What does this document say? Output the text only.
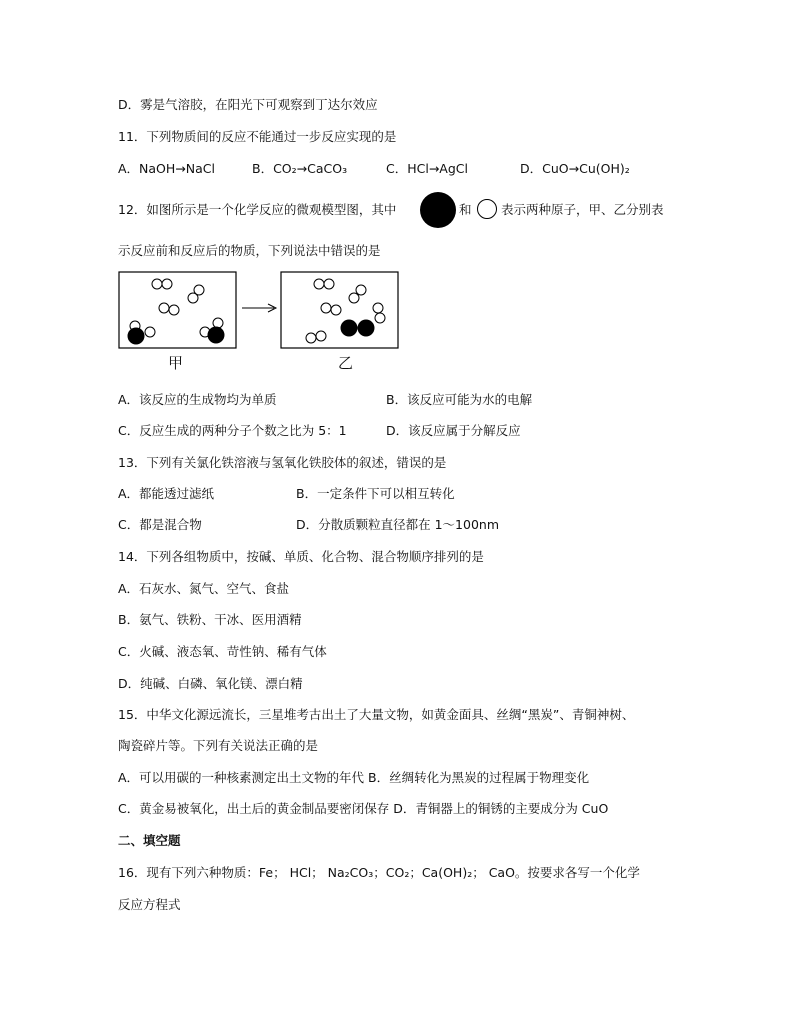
D．雾是气溶胶，在阳光下可观察到丁达尔效应
11．下列物质间的反应不能通过一步反应实现的是
A．NaOH→NaCl	B．CO₂→CaCO₃	C．HCl→AgCl	D．CuO→Cu(OH)₂
12．如图所示是一个化学反应的微观模型图，其中	和 表示两种原子，甲、乙分别表
示反应前和反应后的物质，下列说法中错误的是
甲	乙
A．该反应的生成物均为单质	B．该反应可能为水的电解
C．反应生成的两种分子个数之比为 5：1	D．该反应属于分解反应
13．下列有关氯化铁溶液与氢氧化铁胶体的叙述，错误的是
A．都能透过滤纸	B．一定条件下可以相互转化
C．都是混合物	D．分散质颗粒直径都在 1～100nm
14．下列各组物质中，按碱、单质、化合物、混合物顺序排列的是
A．石灰水、氮气、空气、食盐
B．氨气、铁粉、干冰、医用酒精
C．火碱、液态氧、苛性钠、稀有气体
D．纯碱、白磷、氧化镁、漂白精
15．中华文化源远流长，三星堆考古出土了大量文物，如黄金面具、丝绸“黑炭”、青铜神树、
陶瓷碎片等。下列有关说法正确的是
A．可以用碳的一种核素测定出土文物的年代 B．丝绸转化为黑炭的过程属于物理变化
C．黄金易被氧化，出土后的黄金制品要密闭保存 D．青铜器上的铜锈的主要成分为 CuO
二、填空题
16．现有下列六种物质：Fe； HCl； Na₂CO₃；CO₂；Ca(OH)₂； CaO。按要求各写一个化学
反应方程式
